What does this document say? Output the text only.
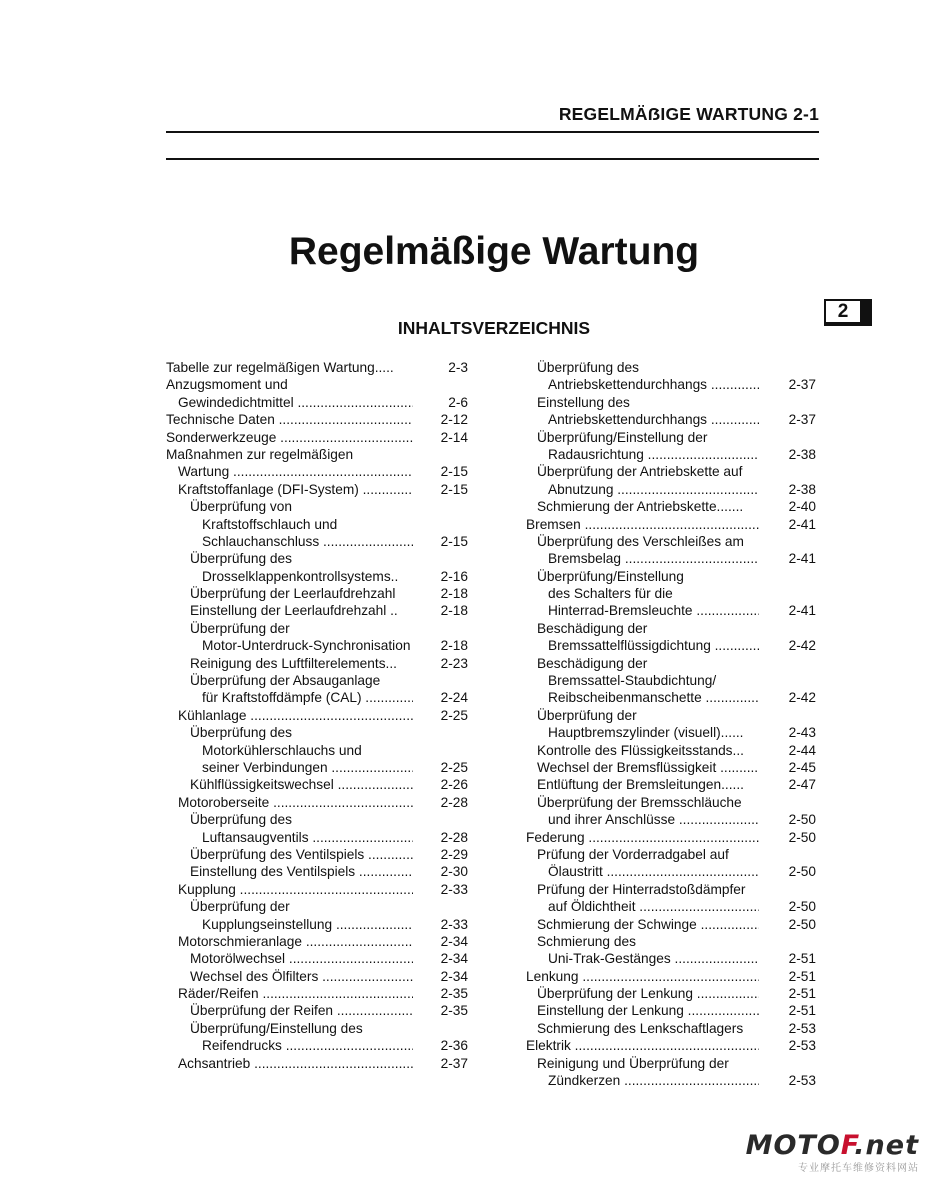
REGELMÄẞIGE WARTUNG 2-1
Regelmäßige Wartung
2
INHALTSVERZEICHNIS
Tabelle zur regelmäßigen Wartung.....	2-3
Anzugsmoment und
Gewindedichtmittel .....	2-6
Technische Daten .....	2-12
Sonderwerkzeuge .....	2-14
Maßnahmen zur regelmäßigen
Wartung .....	2-15
Kraftstoffanlage (DFI-System) .....	2-15
Überprüfung von
Kraftstoffschlauch und
Schlauchanschluss .....	2-15
Überprüfung des
Drosselklappenkontrollsystems..	2-16
Überprüfung der Leerlaufdrehzahl	2-18
Einstellung der Leerlaufdrehzahl ..	2-18
Überprüfung der
Motor-Unterdruck-Synchronisation 2-18
Reinigung des Luftfilterelements...	2-23
Überprüfung der Absauganlage
für Kraftstoffdämpfe (CAL) .....	2-24
Kühlanlage .....	2-25
Überprüfung des
Motorkühlerschlauchs und
seiner Verbindungen .....	2-25
Kühlflüssigkeitswechsel .....	2-26
Motoroberseite .....	2-28
Überprüfung des
Luftansaugventils .....	2-28
Überprüfung des Ventilspiels .....	2-29
Einstellung des Ventilspiels .....	2-30
Kupplung .....	2-33
Überprüfung der
Kupplungseinstellung .....	2-33
Motorschmieranlage .....	2-34
Motorölwechsel .....	2-34
Wechsel des Ölfilters .....	2-34
Räder/Reifen .....	2-35
Überprüfung der Reifen .....	2-35
Überprüfung/Einstellung des
Reifendrucks .....	2-36
Achsantrieb .....	2-37
Überprüfung des
Antriebskettendurchhangs .....	2-37
Einstellung des
Antriebskettendurchhangs .....	2-37
Überprüfung/Einstellung der
Radausrichtung .....	2-38
Überprüfung der Antriebskette auf
Abnutzung .....	2-38
Schmierung der Antriebskette.......	2-40
Bremsen .....	2-41
Überprüfung des Verschleißes am
Bremsbelag .....	2-41
Überprüfung/Einstellung
des Schalters für die
Hinterrad-Bremsleuchte .....	2-41
Beschädigung der
Bremssattelflüssigdichtung .....	2-42
Beschädigung der
Bremssattel-Staubdichtung/
Reibscheibenmanschette .....	2-42
Überprüfung der
Hauptbremszylinder (visuell)......	2-43
Kontrolle des Flüssigkeitsstands...	2-44
Wechsel der Bremsflüssigkeit .....	2-45
Entlüftung der Bremsleitungen......	2-47
Überprüfung der Bremsschläuche
und ihrer Anschlüsse .....	2-50
Federung .....	2-50
Prüfung der Vorderradgabel auf
Ölaustritt .....	2-50
Prüfung der Hinterradstoßdämpfer
auf Öldichtheit .....	2-50
Schmierung der Schwinge .....	2-50
Schmierung des
Uni-Trak-Gestänges .....	2-51
Lenkung .....	2-51
Überprüfung der Lenkung .....	2-51
Einstellung der Lenkung .....	2-51
Schmierung des Lenkschaftlagers	2-53
Elektrik .....	2-53
Reinigung und Überprüfung der
Zündkerzen .....	2-53
MOTOF.net
专业摩托车维修资料网站
